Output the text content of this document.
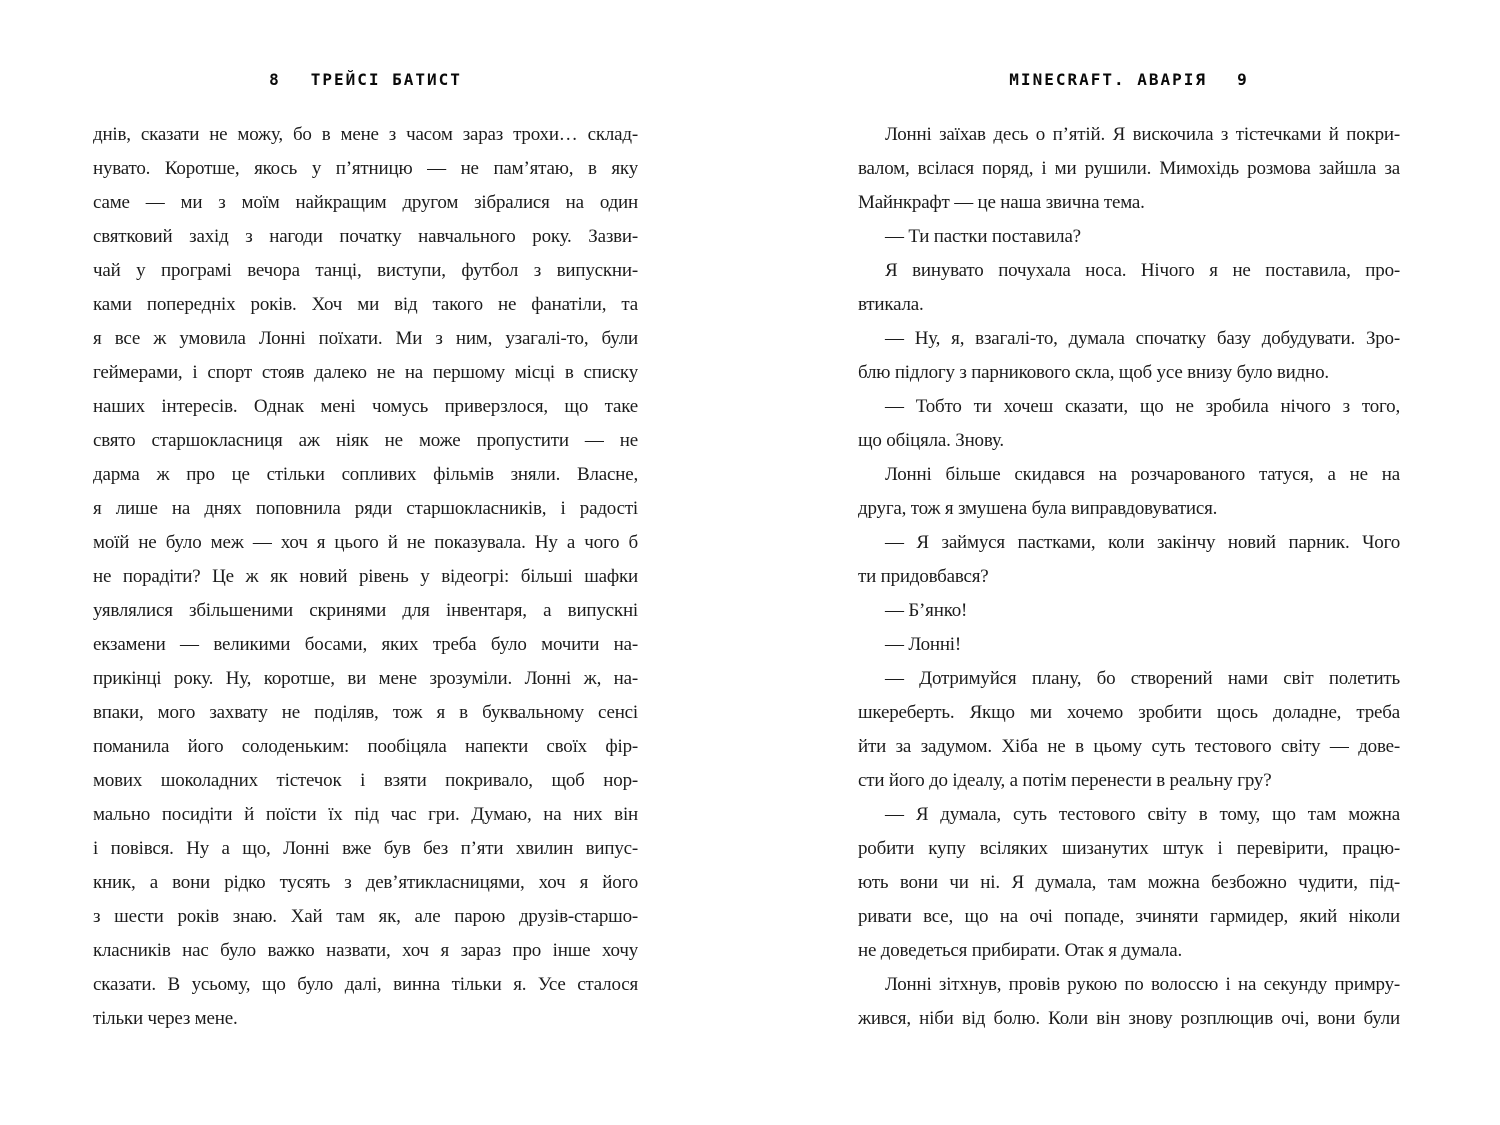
8 ТРЕЙСІ БАТИСТ
днів, сказати не можу, бо в мене з часом зараз трохи… склад-
нувато. Коротше, якось у п’ятницю — не пам’ятаю, в яку
саме — ми з моїм найкращим другом зібралися на один
святковий захід з нагоди початку навчального року. Зазви-
чай у програмі вечора танці, виступи, футбол з випускни-
ками попередніх років. Хоч ми від такого не фанатіли, та
я все ж умовила Лонні поїхати. Ми з ним, узагалі-то, були
геймерами, і спорт стояв далеко не на першому місці в списку
наших інтересів. Однак мені чомусь приверзлося, що таке
свято старшокласниця аж ніяк не може пропустити — не
дарма ж про це стільки сопливих фільмів зняли. Власне,
я лише на днях поповнила ряди старшокласників, і радості
моїй не було меж — хоч я цього й не показувала. Ну а чого б
не порадіти? Це ж як новий рівень у відеогрі: більші шафки
уявлялися збільшеними скринями для інвентаря, а випускні
екзамени — великими босами, яких треба було мочити на-
прикінці року. Ну, коротше, ви мене зрозуміли. Лонні ж, на-
впаки, мого захвату не поділяв, тож я в буквальному сенсі
поманила його солоденьким: пообіцяла напекти своїх фір-
мових шоколадних тістечок і взяти покривало, щоб нор-
мально посидіти й поїсти їх під час гри. Думаю, на них він
і повівся. Ну а що, Лонні вже був без п’яти хвилин випус-
кник, а вони рідко тусять з дев’ятикласницями, хоч я його
з шести років знаю. Хай там як, але парою друзів-старшо-
класників нас було важко назвати, хоч я зараз про інше хочу
сказати. В усьому, що було далі, винна тільки я. Усе сталося
тільки через мене.
MINECRAFT. АВАРІЯ 9
Лонні заїхав десь о п’ятій. Я вискочила з тістечками й покри-
валом, всілася поряд, і ми рушили. Мимохідь розмова зайшла за
Майнкрафт — це наша звична тема.
— Ти пастки поставила?
Я винувато почухала носа. Нічого я не поставила, про-
втикала.
— Ну, я, взагалі-то, думала спочатку базу добудувати. Зро-
блю підлогу з парникового скла, щоб усе внизу було видно.
— Тобто ти хочеш сказати, що не зробила нічого з того,
що обіцяла. Знову.
Лонні більше скидався на розчарованого татуся, а не на
друга, тож я змушена була виправдовуватися.
— Я займуся пастками, коли закінчу новий парник. Чого
ти придовбався?
— Б’янко!
— Лонні!
— Дотримуйся плану, бо створений нами світ полетить
шкереберть. Якщо ми хочемо зробити щось доладне, треба
йти за задумом. Хіба не в цьому суть тестового світу — дове-
сти його до ідеалу, а потім перенести в реальну гру?
— Я думала, суть тестового світу в тому, що там можна
робити купу всіляких шизанутих штук і перевірити, працю-
ють вони чи ні. Я думала, там можна безбожно чудити, під-
ривати все, що на очі попаде, зчиняти гармидер, який ніколи
не доведеться прибирати. Отак я думала.
Лонні зітхнув, провів рукою по волоссю і на секунду примру-
жився, ніби від болю. Коли він знову розплющив очі, вони були
